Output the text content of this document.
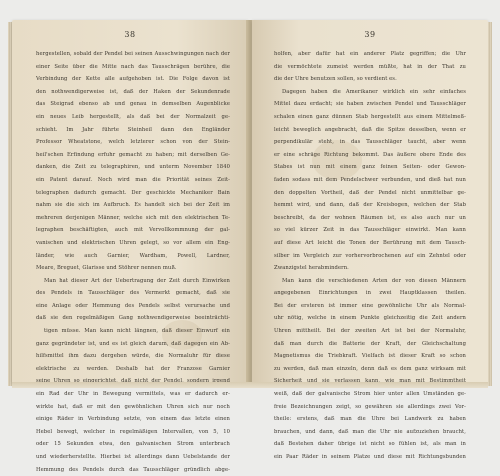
38
hergestellen, sobald der Pendel bei seinen Ausschwingungen nach der
einer Seite über die Mitte nach das Tausschrägen berühre, die
Verbindung der Kette alle aufgehoben ist. Die Folge davon ist
den nothwendigerweise ist, daß der Haken der Sekundenrade
das Steigrad ebenso ab und genau in demselben Augenblicke
ein neues Leib hergestellt, als daß bei der Normalzeit ge-
schieht. Im Jahr führte Steinheil dann den Engländer
Professor Wheatstone, welch letzterer schon von der Stein-
heil'schen Erfindung erfuhr gemacht zu haben; mit derselben Ge-
danken, die Zeit zu telegraphiren, und unterm November 1840
ein Patent darauf. Noch wird man die Priorität seines Zeit-
telegraphen dadurch gemacht. Der geschickte Mechaniker Bain
nahm sie die sich im Aufbruch. Es handelt sich bei der Zeit im
mehreren derjenigen Männer, welche sich mit den elektrischen Te-
legraphen beschäftigten, auch mit Vervollkommnung der gal-
vanischen und elektrischen Uhren gelegt, so vor allem ein Eng-
länder, wie auch Garnier, Wardham, Powell, Lardner,
Meare, Breguet, Glarisse und Stöhrer nennen muß.
Man hat dieser Art der Uebertragung der Zeit durch Einwirken
des Pendels in Tausschläger des Vermerkt gemacht, daß sie
eine Anlage oder Hemmung des Pendels selbst verursache und
daß sie den regelmäßigen Gang nothwendigerweise beeinträchti-
tigen müsse. Man kann nicht längnen, daß dieser Einwurf ein
ganz gegründeter ist, und es ist gleich darum, daß dagegen ein Ab-
hilfsmittel ihm dazu dergehen würde, die Normaluhr für diese
elektrische zu werden. Deshalb hat der Franzose Garnier
ein Rad der Uhr in Bewegung vermittels, was er dadurch er-
wirkte hat, daß er mit den gewöhnlichen Uhren sich nur noch
einige Räder in Verbindung setzte, von einem das letzte einen
Hebel bewegt, welcher in regelmäßigen Intervallen, von 5, 10
oder 15 Sekunden etwa, den galvanischen Strom unterbrach
und wiederherstellte. Hierbei ist allerdings dann Uebelstande der
Hemmung des Pendels durch das Tausschläger gründlich abge-
39
holfen, aber dafür hat ein anderer Platz gegriffen; die Uhr
die vermöchtete zumeist werden müßte, hat in der That zu
die der Uhre benutzen sollen, so verdient es.
Dagegen haben die Amerikaner wirklich ein sehr einfaches
Mittel dazu erdacht; sie haben zwischen Pendel und Tausschläger
schalen einen ganz dünnen Stab hergestellt aus einem Mittelmeß-
leicht beweglich angebracht, daß die Spitze desselben, wenn er
perpendikulär steht, in das Tausschläger taucht, aber wenn
er eine schräge Richtung bekommt. Das äußere obere Ende des
Stabes ist nun mit einem ganz feinen Seiten- oder Gewon-
faden sodass mit dem Pendelschwer verbunden, und dieß hat nun
den doppelten Vortheil, daß der Pendel nicht unmittelbar ge-
hemmt wird, und dann, daß der Kreisbogen, welchen der Stab
beschreibt, da der wohnen Räumen ist, es also auch nur un
so viel kürzer Zeit in das Tausschläger einwirkt. Man kann
auf diese Art leicht die Tonen der Berührung mit dem Tausch-
silber im Vergleich zur vorhervorbrochenen auf ein Zehntel oder
Zwanzigstel herabmindern.
Man kann die verschiedenen Arten der von diesen Männern
angegebenen Einrichtungen in zwei Hauptklassen theilen.
Bei der ersteren ist immer eine gewöhnliche Uhr als Normal-
uhr nötig, welche in einem Punkte gleichzeitig die Zeit andern
Uhren mittheilt. Bei der zweiten Art ist bei der Normaluhr,
daß man durch die Batterie der Kraft, der Gleichschaltung
Magnetismus die Triebkraft. Vielfach ist dieser Kraft so schon
zu werden, daß man einzeln, denn daß es dem ganz wirksam mit
weiß, daß der galvanische Strom hier unter allen Umständen ge-
freie Bezeichnungen zeigt, so gewähren sie allerdings zwei Vor-
theile: erstens, daß man die Uhre bei Landwerk zu haben
brauchen, und dann, daß man die Uhr nie aufzuziehen braucht,
daß Bestehen daher übrige ist nicht so fühlen ist, als man in
ein Paar Räder in seinem Platze und diese mit Richtungsbunden
